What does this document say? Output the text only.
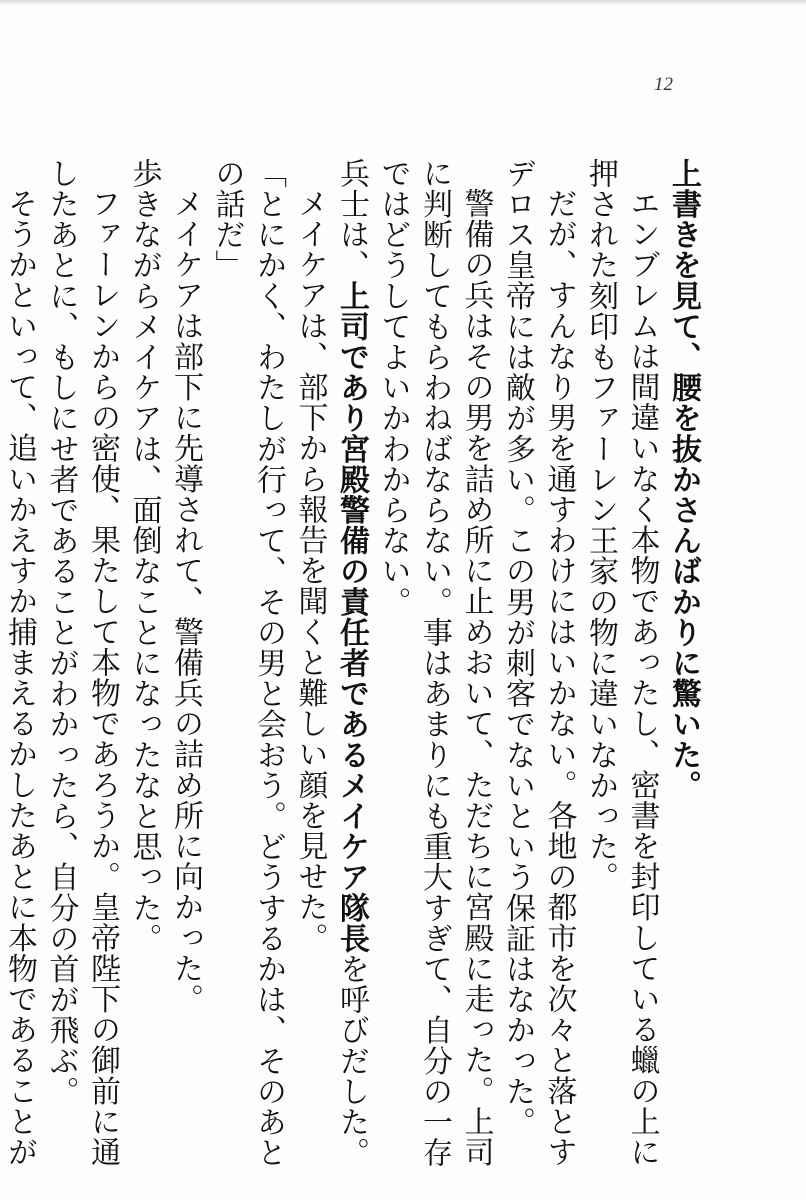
12

上書きを見て、腰を抜かさんばかりに驚いた。

エンブレムは間違いなく本物であったし、密書を封印している蠟の上に押された刻印もファーレン王家の物に違いなかった。

だが、すんなり男を通すわけにはいかない。各地の都市を次々と落とすデロス皇帝には敵が多い。この男が刺客でないという保証はなかった。

警備の兵はその男を詰め所に止めおいて、ただちに宮殿に走った。上司に判断してもらわねばならない。事はあまりにも重大すぎて、自分の一存ではどうしてよいかわからない。

兵士は、上司であり宮殿警備の責任者であるメイケア隊長を呼びだした。

メイケアは、部下から報告を聞くと難しい顔を見せた。

「とにかく、わたしが行って、その男と会おう。どうするかは、そのあとの話だ」

メイケアは部下に先導されて、警備兵の詰め所に向かった。

歩きながらメイケアは、面倒なことになったなと思った。

ファーレンからの密使、果たして本物であろうか。皇帝陛下の御前に通したあとに、もしにせ者であることがわかったら、自分の首が飛ぶ。

そうかといって、追いかえすか捕まえるかしたあとに本物であることが
